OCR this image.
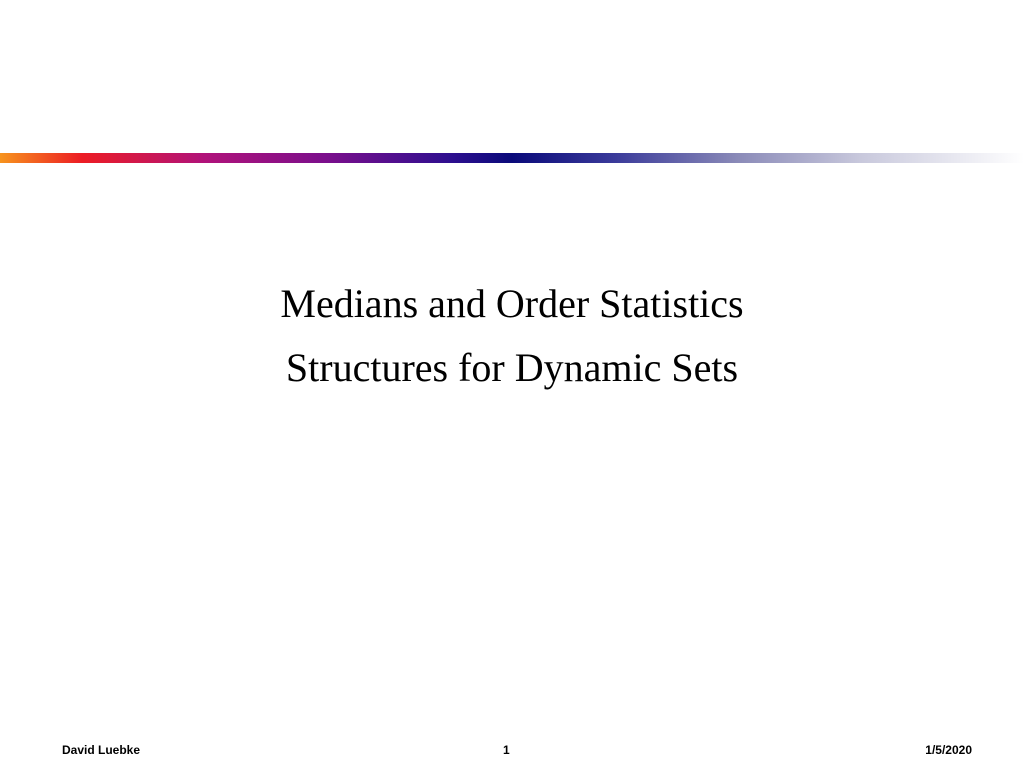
Medians and Order Statistics
Structures for Dynamic Sets
David Luebke	1	1/5/2020
